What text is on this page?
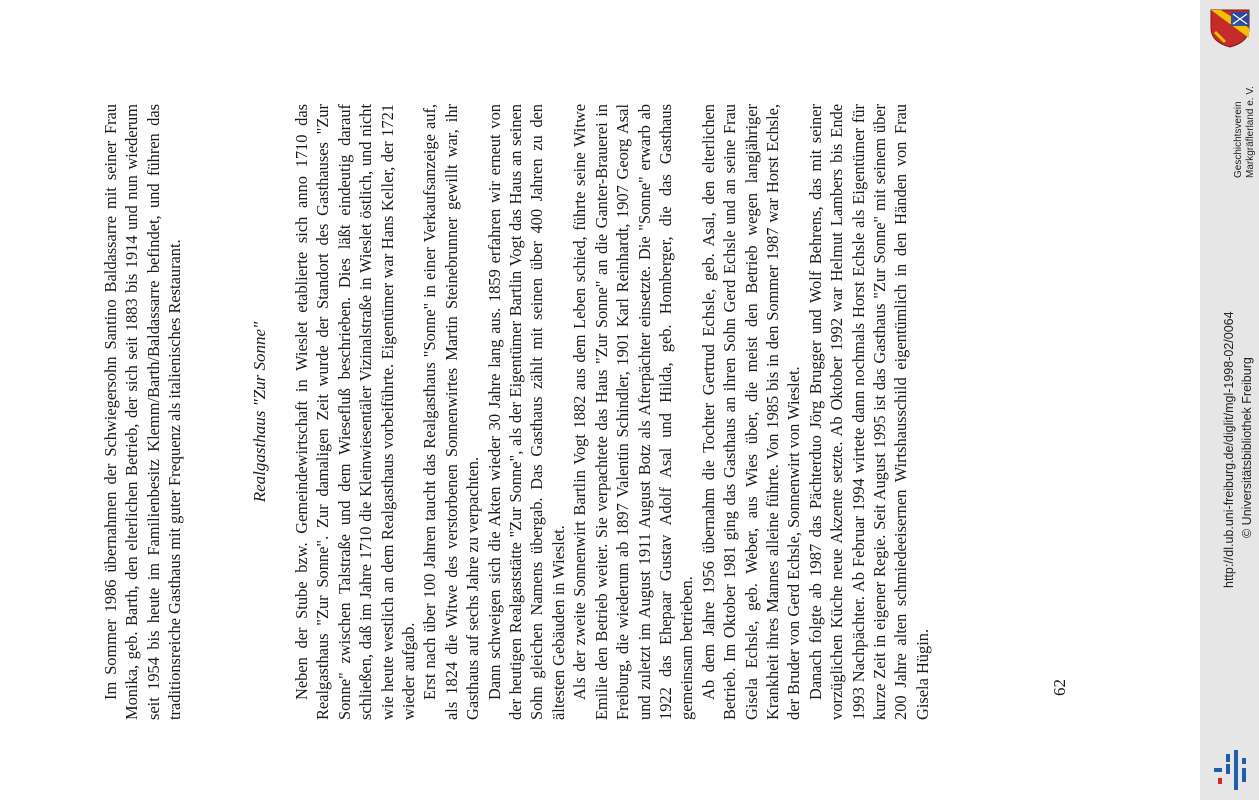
Im Sommer 1986 übernahmen der Schwiegersohn Santino Baldassarre mit seiner Frau Monika, geb. Barth, den elterlichen Betrieb, der sich seit 1883 bis 1914 und nun wiederum seit 1954 bis heute im Familienbesitz Klemm/Barth/Baldassarre befindet, und führen das traditionsreiche Gasthaus mit guter Frequenz als italienisches Restaurant.	Realgasthaus "Zur Sonne" Neben der Stube bzw. Gemeindewirtschaft in Wieslet etablierte sich anno 1710 das Realgasthaus "Zur Sonne". Zur damaligen Zeit wurde der Standort des Gasthauses "Zur Sonne" zwischen Talstraße und dem Wiesefluß beschrieben. Dies läßt eindeutig darauf schließen, daß im Jahre 1710 die Kleinwiesentäler Vizinalstraße in Wieslet östlich, und nicht wie heute westlich an dem Realgasthaus vorbeiführte. Eigentümer war Hans Keller, der 1721 wieder aufgab. Erst nach über 100 Jahren taucht das Realgasthaus "Sonne" in einer Verkaufsanzeige auf, als 1824 die Witwe des verstorbenen Sonnenwirtes Martin Steinebrunner gewillt war, ihr Gasthaus auf sechs Jahre zu verpachten. Dann schweigen sich die Akten wieder 30 Jahre lang aus. 1859 erfahren wir erneut von der heutigen Realgaststätte "Zur Sonne", als der Eigentümer Bartlin Vogt das Haus an seinen Sohn gleichen Namens übergab. Das Gasthaus zählt mit seinen über 400 Jahren zu den ältesten Gebäuden in Wieslet. Als der zweite Sonnenwirt Bartlin Vogt 1882 aus dem Leben schied, führte seine Witwe Emilie den Betrieb weiter. Sie verpachtete das Haus "Zur Sonne" an die Ganter-Brauerei in Freiburg, die wiederum ab 1897 Valentin Schindler, 1901 Karl Reinhardt, 1907 Georg Asal und zuletzt im August 1911 August Botz als Afterpächter einsetzte. Die "Sonne" erwarb ab 1922 das Ehepaar Gustav Adolf Asal und Hilda, geb. Homberger, die das Gasthaus gemeinsam betrieben. Ab dem Jahre 1956 übernahm die Tochter Gertrud Echsle, geb. Asal, den elterlichen Betrieb. Im Oktober 1981 ging das Gasthaus an ihren Sohn Gerd Echsle und an seine Frau Gisela Echsle, geb. Weber, aus Wies über, die meist den Betrieb wegen langjähriger Krankheit ihres Mannes alleine führte. Von 1985 bis in den Sommer 1987 war Horst Echsle, der Bruder von Gerd Echsle, Sonnenwirt von Wieslet. Danach folgte ab 1987 das Pächterduo Jörg Brugger und Wolf Behrens, das mit seiner vorzüglichen Küche neue Akzente setzte. Ab Oktober 1992 war Helmut Lambers bis Ende 1993 Nachpächter. Ab Februar 1994 wirtete dann nochmals Horst Echsle als Eigentümer für kurze Zeit in eigener Regie. Seit August 1995 ist das Gasthaus "Zur Sonne" mit seinem über 200 Jahre alten schmiedeeisernen Wirtshausschild eigentümlich in den Händen von Frau Gisela Hügin.	62
Geschichtsverein Markgräflerland e. V.
http://dl.ub.uni-freiburg.de/diglit/mgl-1998-02/0064 © Universitätsbibliothek Freiburg
